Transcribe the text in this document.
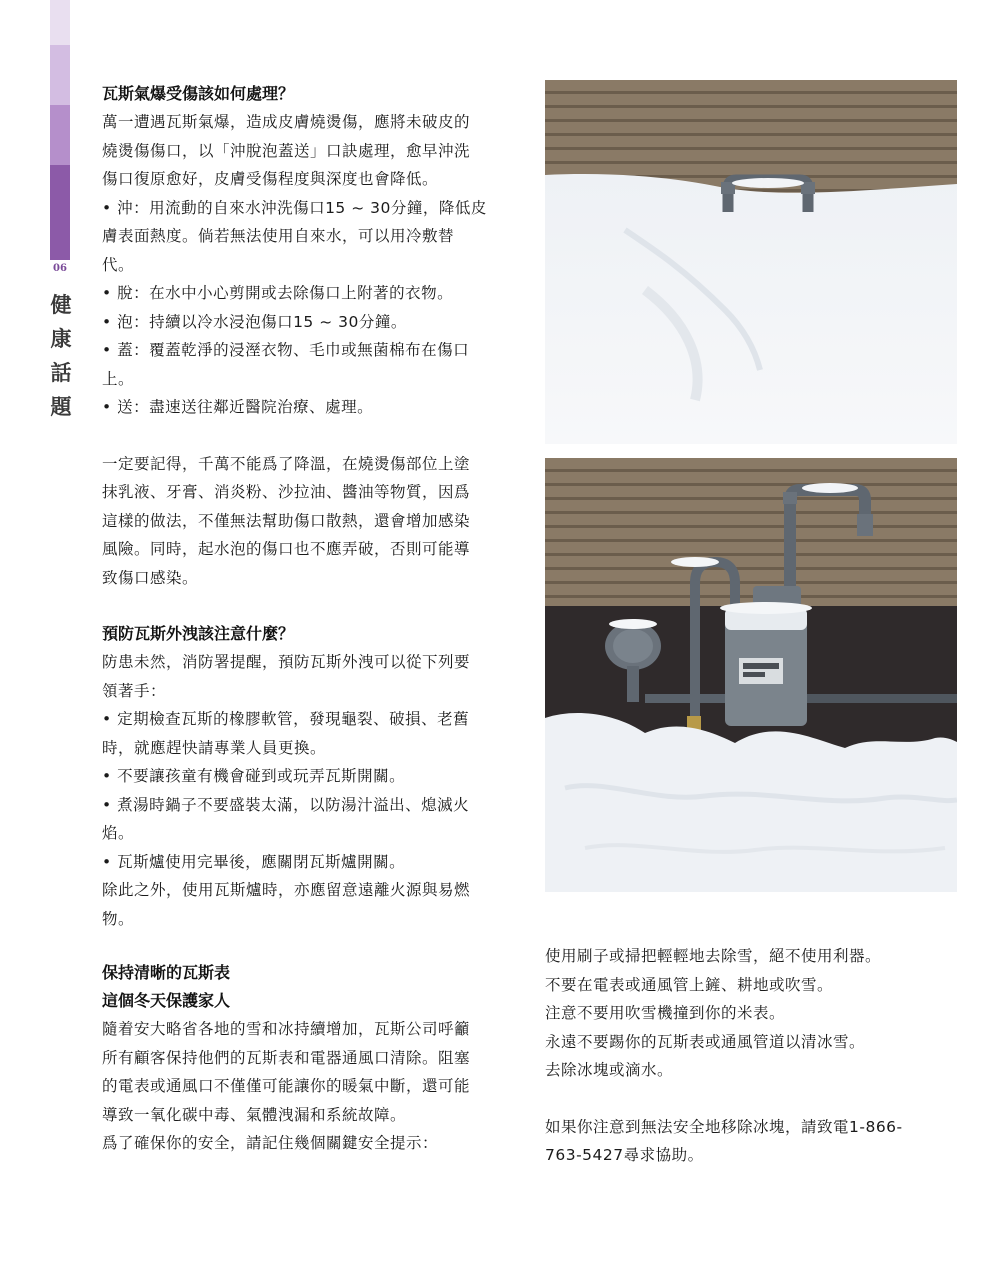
06
健
康
話
題

瓦斯氣爆受傷該如何處理？

萬一遭遇瓦斯氣爆，造成皮膚燒燙傷，應將未破皮的

燒燙傷傷口，以「沖脫泡蓋送」口訣處理，愈早沖洗

傷口復原愈好，皮膚受傷程度與深度也會降低。

• 沖：用流動的自來水沖洗傷口15 ~ 30分鐘，降低皮

膚表面熱度。倘若無法使用自來水，可以用冷敷替

代。

• 脫：在水中小心剪開或去除傷口上附著的衣物。

• 泡：持續以冷水浸泡傷口15 ~ 30分鐘。

• 蓋：覆蓋乾淨的浸溼衣物、毛巾或無菌棉布在傷口

上。

• 送：盡速送往鄰近醫院治療、處理。

一定要記得，千萬不能爲了降溫，在燒燙傷部位上塗

抹乳液、牙膏、消炎粉、沙拉油、醬油等物質，因爲

這樣的做法，不僅無法幫助傷口散熱，還會增加感染

風險。同時，起水泡的傷口也不應弄破，否則可能導

致傷口感染。

預防瓦斯外洩該注意什麼？

防患未然，消防署提醒，預防瓦斯外洩可以從下列要

領著手：

• 定期檢查瓦斯的橡膠軟管，發現龜裂、破損、老舊

時，就應趕快請專業人員更換。

• 不要讓孩童有機會碰到或玩弄瓦斯開關。

• 煮湯時鍋子不要盛裝太滿，以防湯汁溢出、熄滅火

焰。

• 瓦斯爐使用完畢後，應關閉瓦斯爐開關。

除此之外，使用瓦斯爐時，亦應留意遠離火源與易燃

物。

保持清晰的瓦斯表

這個冬天保護家人

隨着安大略省各地的雪和冰持續增加，瓦斯公司呼籲

所有顧客保持他們的瓦斯表和電器通風口清除。阻塞

的電表或通風口不僅僅可能讓你的暖氣中斷，還可能

導致一氧化碳中毒、氣體洩漏和系統故障。

爲了確保你的安全，請記住幾個關鍵安全提示：

使用刷子或掃把輕輕地去除雪，絕不使用利器。

不要在電表或通風管上鏟、耕地或吹雪。

注意不要用吹雪機撞到你的米表。

永遠不要踢你的瓦斯表或通風管道以清冰雪。

去除冰塊或滴水。

如果你注意到無法安全地移除冰塊，請致電1-866-

763-5427尋求協助。
